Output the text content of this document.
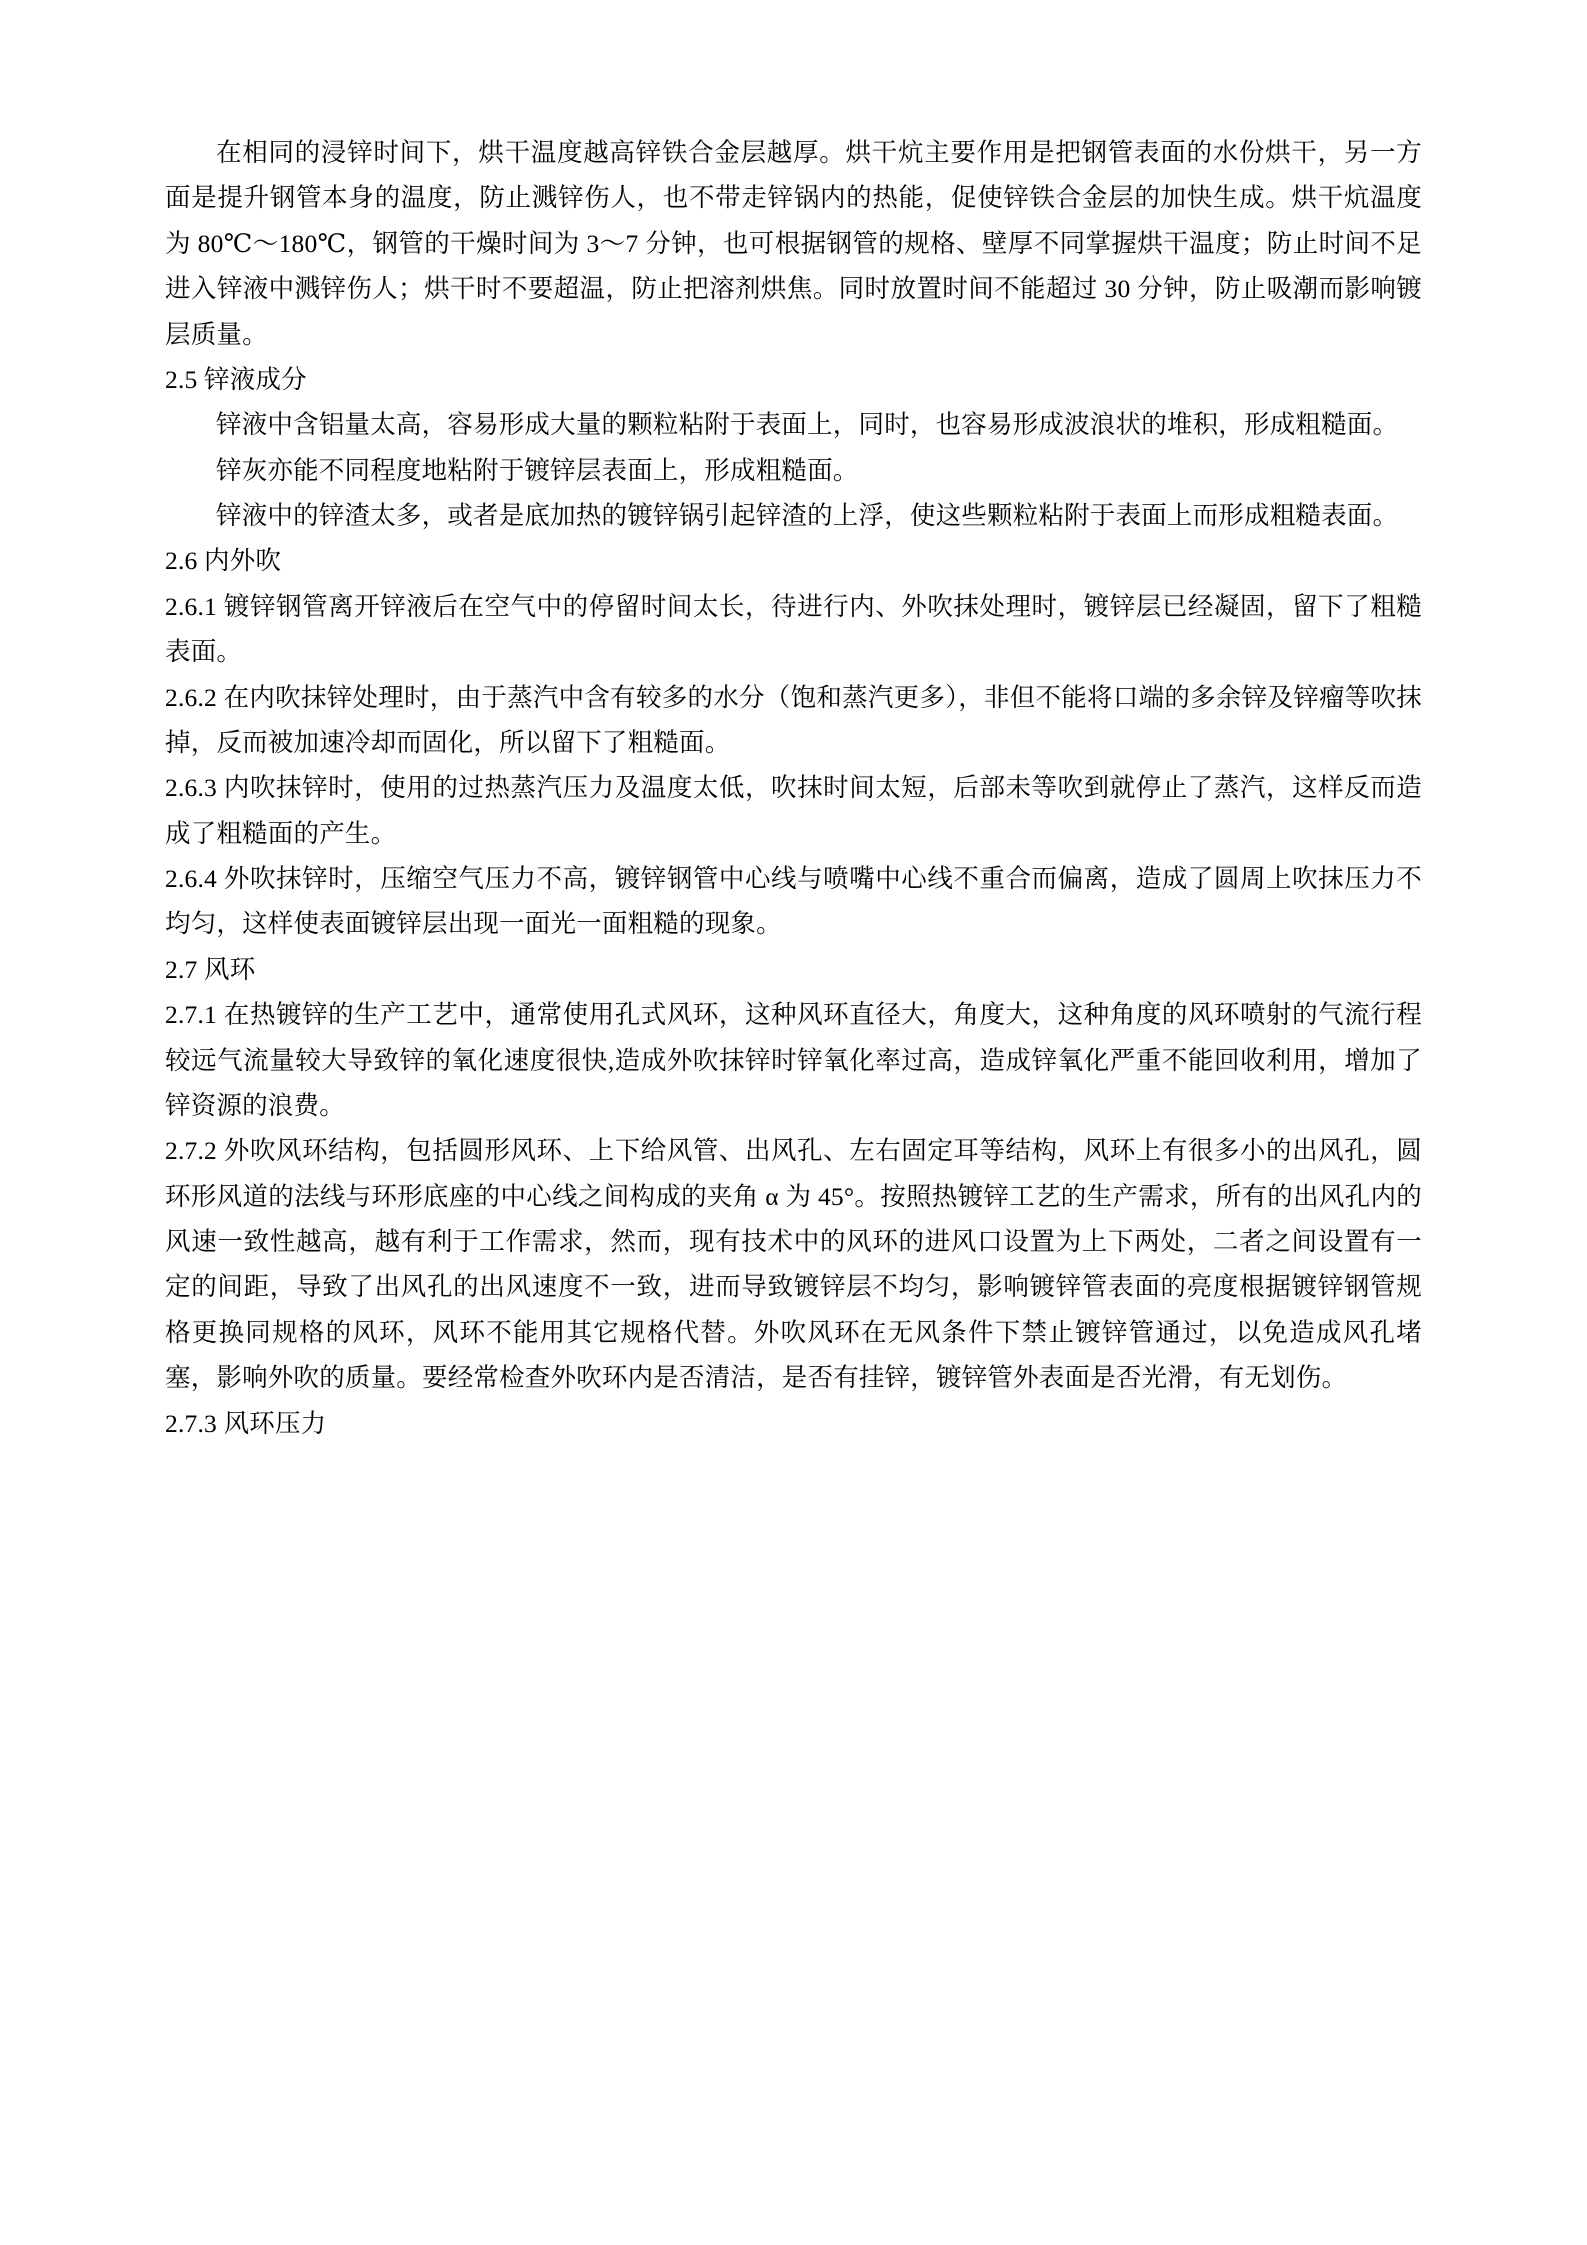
在相同的浸锌时间下，烘干温度越高锌铁合金层越厚。烘干炕主要作用是把钢管表面的水份烘干，另一方面是提升钢管本身的温度，防止溅锌伤人，也不带走锌锅内的热能，促使锌铁合金层的加快生成。烘干炕温度为 80℃～180℃，钢管的干燥时间为 3～7 分钟，也可根据钢管的规格、壁厚不同掌握烘干温度；防止时间不足进入锌液中溅锌伤人；烘干时不要超温，防止把溶剂烘焦。同时放置时间不能超过 30 分钟，防止吸潮而影响镀层质量。

2.5 锌液成分

锌液中含铝量太高，容易形成大量的颗粒粘附于表面上，同时，也容易形成波浪状的堆积，形成粗糙面。

锌灰亦能不同程度地粘附于镀锌层表面上，形成粗糙面。

锌液中的锌渣太多，或者是底加热的镀锌锅引起锌渣的上浮，使这些颗粒粘附于表面上而形成粗糙表面。

2.6 内外吹

2.6.1 镀锌钢管离开锌液后在空气中的停留时间太长，待进行内、外吹抹处理时，镀锌层已经凝固，留下了粗糙表面。

2.6.2 在内吹抹锌处理时，由于蒸汽中含有较多的水分（饱和蒸汽更多），非但不能将口端的多余锌及锌瘤等吹抹掉，反而被加速冷却而固化，所以留下了粗糙面。

2.6.3 内吹抹锌时，使用的过热蒸汽压力及温度太低，吹抹时间太短，后部未等吹到就停止了蒸汽，这样反而造成了粗糙面的产生。

2.6.4 外吹抹锌时，压缩空气压力不高，镀锌钢管中心线与喷嘴中心线不重合而偏离，造成了圆周上吹抹压力不均匀，这样使表面镀锌层出现一面光一面粗糙的现象。

2.7 风环

2.7.1 在热镀锌的生产工艺中，通常使用孔式风环，这种风环直径大，角度大，这种角度的风环喷射的气流行程较远气流量较大导致锌的氧化速度很快,造成外吹抹锌时锌氧化率过高，造成锌氧化严重不能回收利用，增加了锌资源的浪费。

2.7.2 外吹风环结构，包括圆形风环、上下给风管、出风孔、左右固定耳等结构，风环上有很多小的出风孔，圆环形风道的法线与环形底座的中心线之间构成的夹角 α 为 45°。按照热镀锌工艺的生产需求，所有的出风孔内的风速一致性越高，越有利于工作需求，然而，现有技术中的风环的进风口设置为上下两处，二者之间设置有一定的间距，导致了出风孔的出风速度不一致，进而导致镀锌层不均匀，影响镀锌管表面的亮度根据镀锌钢管规格更换同规格的风环，风环不能用其它规格代替。外吹风环在无风条件下禁止镀锌管通过，以免造成风孔堵塞，影响外吹的质量。要经常检查外吹环内是否清洁，是否有挂锌，镀锌管外表面是否光滑，有无划伤。

2.7.3 风环压力
